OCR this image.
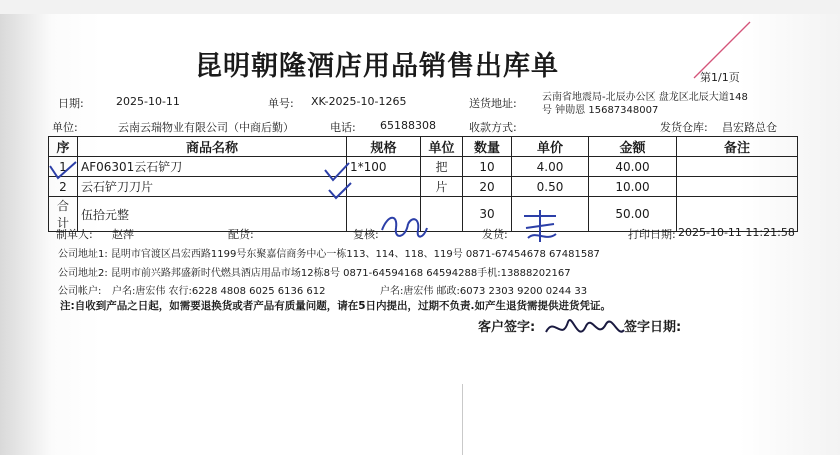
昆明朝隆酒店用品销售出库单	第1/1页
日期:	2025-10-11	单号: XK-2025-10-1265	送货地址:	云南省地震局-北辰办公区 盘龙区北辰大道148
号 钟勋恩 15687348007
单位:	云南云瑞物业有限公司（中商后勤）	电话: 65188308	收款方式:	发货仓库: 昌宏路总仓
序	商品名称	规格	单位	数量	单价	金额	备注
1	AF06301云石铲刀	1*100	把	10	4.00	40.00	
2	云石铲刀刀片		片	20	0.50	10.00	
合计	伍拾元整			30		50.00	
制单人: 赵萍	配货:	复核:	发货:	打印日期: 2025-10-11 11:21:58
公司地址1: 昆明市官渡区昌宏西路1199号东聚嘉信商务中心一栋113、114、118、119号 0871-67454678 67481587
公司地址2: 昆明市前兴路邦盛新时代燃具酒店用品市场12栋8号 0871-64594168 64594288手机:13888202167
公司帐户: 户名:唐宏伟 农行:6228 4808 6025 6136 612	户名:唐宏伟 邮政:6073 2303 9200 0244 33
注:自收到产品之日起，如需要退换货或者产品有质量问题，请在5日内提出，过期不负责.如产生退货需提供进货凭证。
客户签字:	签字日期:
